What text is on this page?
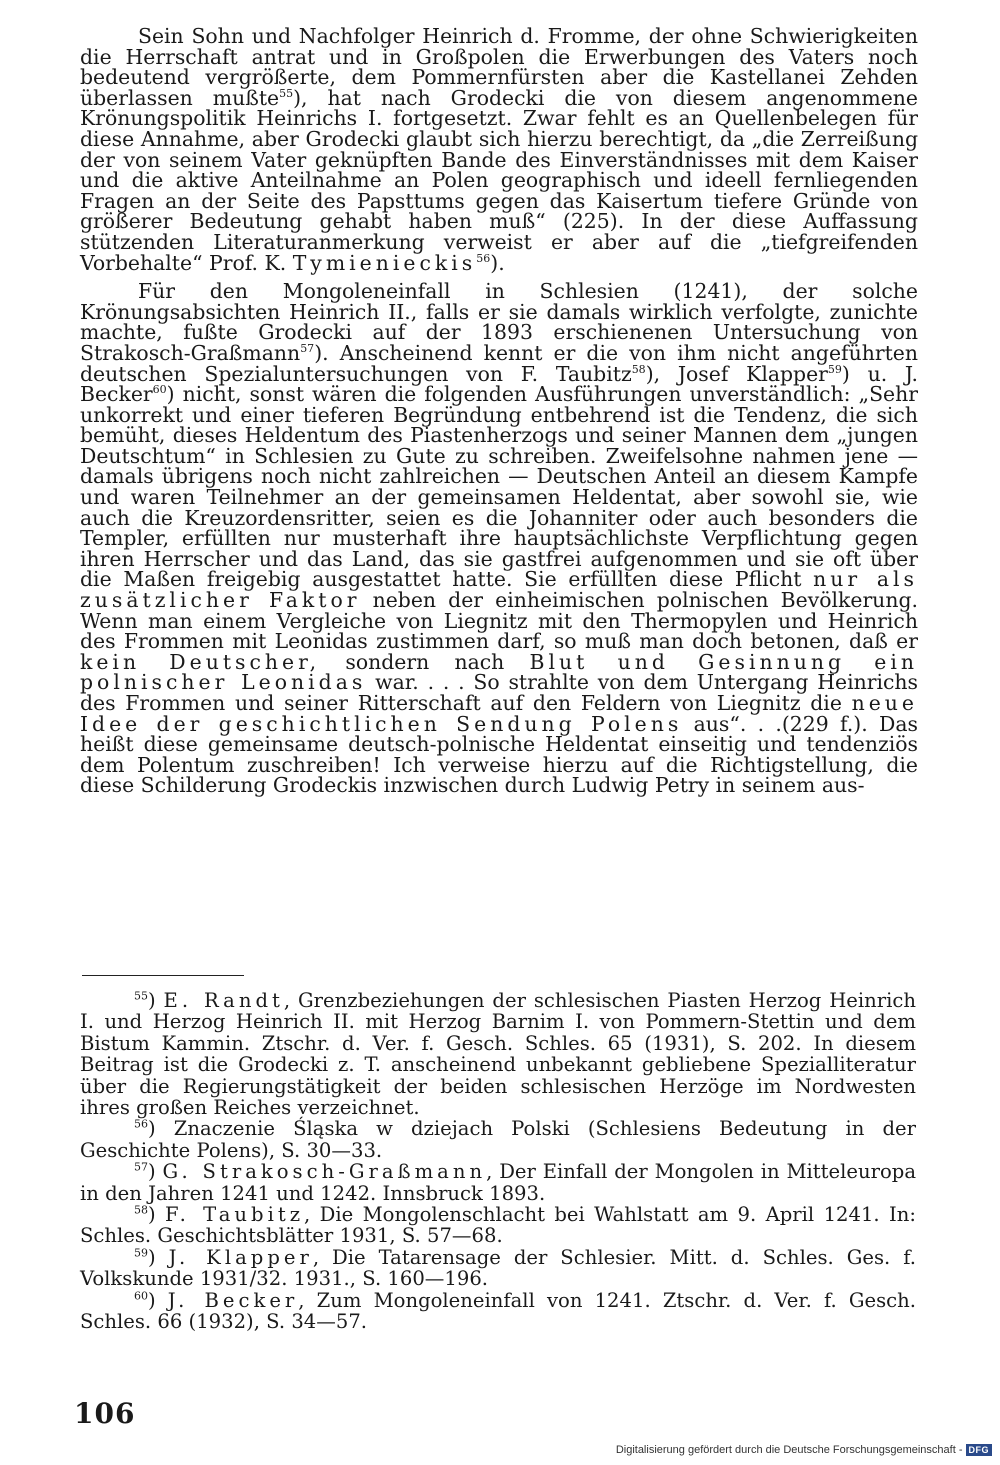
Sein Sohn und Nachfolger Heinrich d. Fromme, der ohne Schwierigkeiten die Herrschaft antrat und in Großpolen die Erwerbungen des Vaters noch bedeutend vergrößerte, dem Pommernfürsten aber die Kastellanei Zehden überlassen mußte$^{55}$), hat nach Grodecki die von diesem angenommene Krönungspolitik Heinrichs I. fortgesetzt. Zwar fehlt es an Quellenbelegen für diese Annahme, aber Grodecki glaubt sich hierzu berechtigt, da „die Zerreißung der von seinem Vater geknüpften Bande des Einverständnisses mit dem Kaiser und die aktive Anteilnahme an Polen geographisch und ideell fernliegenden Fragen an der Seite des Papsttums gegen das Kaisertum tiefere Gründe von größerer Bedeutung gehabt haben muß“ (225). In der diese Auffassung stützenden Literaturanmerkung verweist er aber auf die „tiefgreifenden Vorbehalte“ Prof. K. Tymienieckis$^{56}$).

Für den Mongoleneinfall in Schlesien (1241), der solche Krönungsabsichten Heinrich II., falls er sie damals wirklich verfolgte, zunichte machte, fußte Grodecki auf der 1893 erschienenen Untersuchung von Strakosch-Graßmann$^{57}$). Anscheinend kennt er die von ihm nicht angeführten deutschen Spezialuntersuchungen von F. Taubitz$^{58}$), Josef Klapper$^{59}$) u. J. Becker$^{60}$) nicht, sonst wären die folgenden Ausführungen unverständlich: „Sehr unkorrekt und einer tieferen Begründung entbehrend ist die Tendenz, die sich bemüht, dieses Heldentum des Piastenherzogs und seiner Mannen dem „jungen Deutschtum“ in Schlesien zu Gute zu schreiben. Zweifelsohne nahmen jene — damals übrigens noch nicht zahlreichen — Deutschen Anteil an diesem Kampfe und waren Teilnehmer an der gemeinsamen Heldentat, aber sowohl sie, wie auch die Kreuzordensritter, seien es die Johanniter oder auch besonders die Templer, erfüllten nur musterhaft ihre hauptsächlichste Verpflichtung gegen ihren Herrscher und das Land, das sie gastfrei aufgenommen und sie oft über die Maßen freigebig ausgestattet hatte. Sie erfüllten diese Pflicht nur als zusätzlicher Faktor neben der einheimischen polnischen Bevölkerung. Wenn man einem Vergleiche von Liegnitz mit den Thermopylen und Heinrich des Frommen mit Leonidas zustimmen darf, so muß man doch betonen, daß er kein Deutscher, sondern nach Blut und Gesinnung ein polnischer Leonidas war. . . . So strahlte von dem Untergang Heinrichs des Frommen und seiner Ritterschaft auf den Feldern von Liegnitz die neue Idee der geschichtlichen Sendung Polens aus“. . .(229 f.). Das heißt diese gemeinsame deutsch-polnische Heldentat einseitig und tendenziös dem Polentum zuschreiben! Ich verweise hierzu auf die Richtigstellung, die diese Schilderung Grodeckis inzwischen durch Ludwig Petry in seinem aus-

$^{55}$) E. Randt, Grenzbeziehungen der schlesischen Piasten Herzog Heinrich I. und Herzog Heinrich II. mit Herzog Barnim I. von Pommern-Stettin und dem Bistum Kammin. Ztschr. d. Ver. f. Gesch. Schles. 65 (1931), S. 202. In diesem Beitrag ist die Grodecki z. T. anscheinend unbekannt gebliebene Spezialliteratur über die Regierungstätigkeit der beiden schlesischen Herzöge im Nordwesten ihres großen Reiches verzeichnet.

$^{56}$) Znaczenie Śląska w dziejach Polski (Schlesiens Bedeutung in der Geschichte Polens), S. 30—33.

$^{57}$) G. Strakosch-Graßmann, Der Einfall der Mongolen in Mitteleuropa in den Jahren 1241 und 1242. Innsbruck 1893.

$^{58}$) F. Taubitz, Die Mongolenschlacht bei Wahlstatt am 9. April 1241. In: Schles. Geschichtsblätter 1931, S. 57—68.

$^{59}$) J. Klapper, Die Tatarensage der Schlesier. Mitt. d. Schles. Ges. f. Volkskunde 1931/32. 1931., S. 160—196.

$^{60}$) J. Becker, Zum Mongoleneinfall von 1241. Ztschr. d. Ver. f. Gesch. Schles. 66 (1932), S. 34—57.

106
Digitalisierung gefördert durch die Deutsche Forschungsgemeinschaft - DFG
